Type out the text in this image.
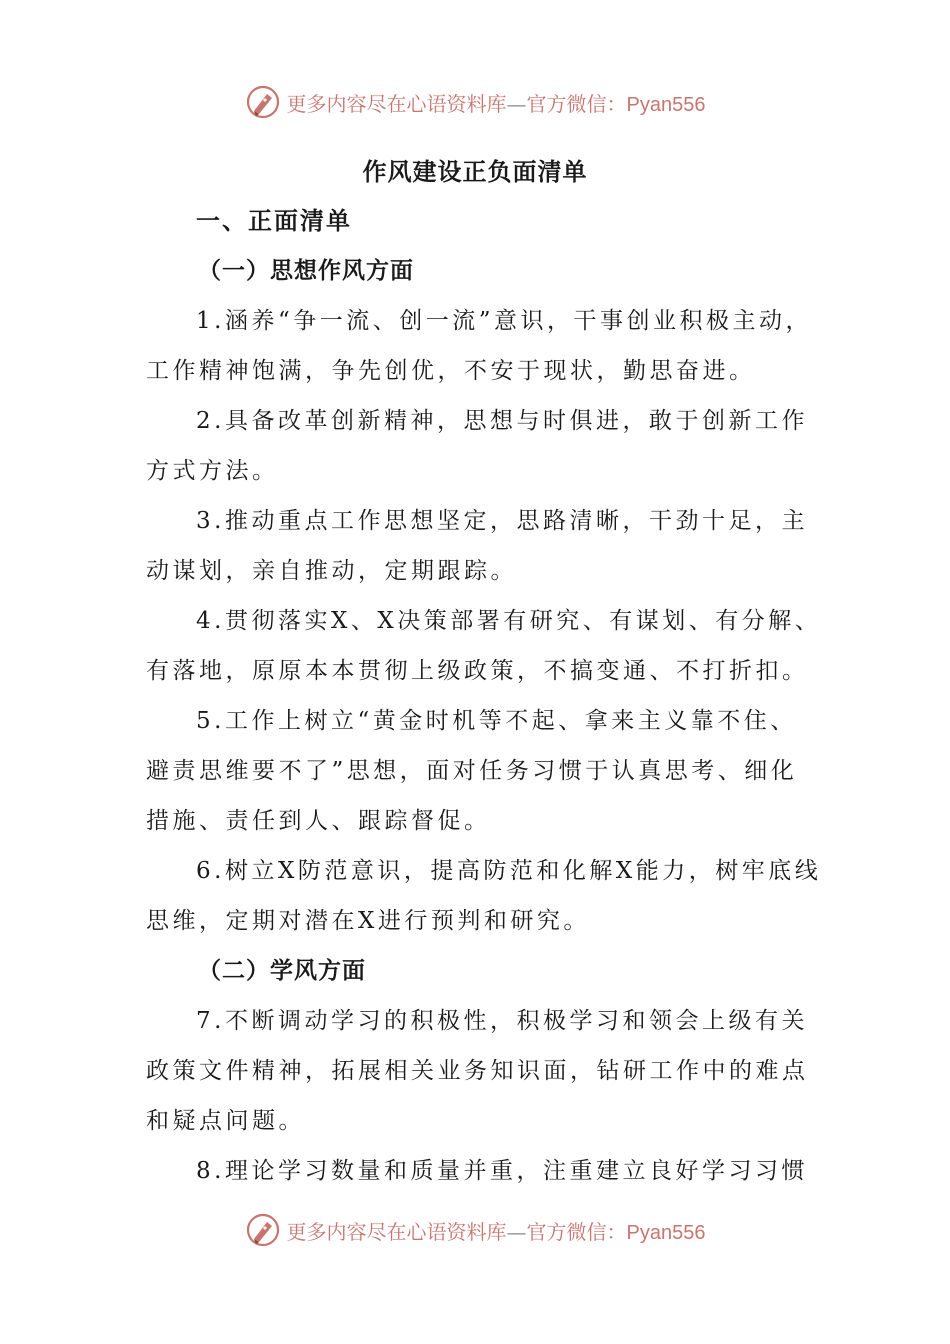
更多内容尽在心语资料库—官方微信：Pyan556
作风建设正负面清单
一、正面清单
（一）思想作风方面
1.涵养“争一流、创一流”意识，干事创业积极主动，
工作精神饱满，争先创优，不安于现状，勤思奋进。
2.具备改革创新精神，思想与时俱进，敢于创新工作
方式方法。
3.推动重点工作思想坚定，思路清晰，干劲十足，主
动谋划，亲自推动，定期跟踪。
4.贯彻落实X、X决策部署有研究、有谋划、有分解、
有落地，原原本本贯彻上级政策，不搞变通、不打折扣。
5.工作上树立“黄金时机等不起、拿来主义靠不住、
避责思维要不了”思想，面对任务习惯于认真思考、细化
措施、责任到人、跟踪督促。
6.树立X防范意识，提高防范和化解X能力，树牢底线
思维，定期对潜在X进行预判和研究。
（二）学风方面
7.不断调动学习的积极性，积极学习和领会上级有关
政策文件精神，拓展相关业务知识面，钻研工作中的难点
和疑点问题。
8.理论学习数量和质量并重，注重建立良好学习习惯
更多内容尽在心语资料库—官方微信：Pyan556
